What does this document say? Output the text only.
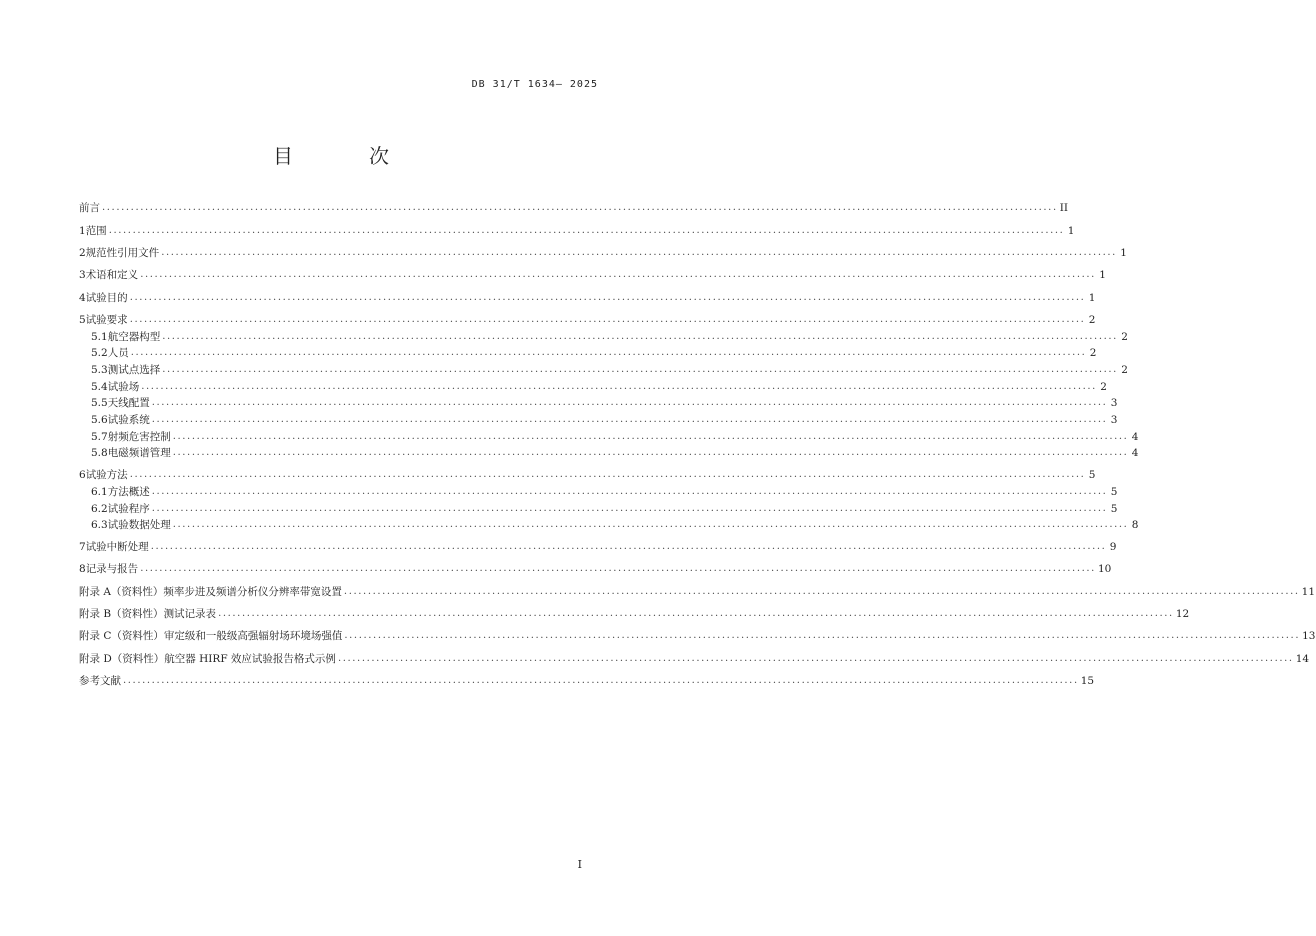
DB 31/T 1634— 2025
目　次
前言 ........................................................................................................................................................................................................ II
1 范围 ........................................................................................................................................................................................................ 1
2 规范性引用文件 ........................................................................................................................................................................................................ 1
3 术语和定义 ........................................................................................................................................................................................................ 1
4 试验目的 ........................................................................................................................................................................................................ 1
5 试验要求 ........................................................................................................................................................................................................ 2
5.1 航空器构型 ........................................................................................................................................................................................................ 2
5.2 人员 ........................................................................................................................................................................................................ 2
5.3 测试点选择 ........................................................................................................................................................................................................ 2
5.4 试验场 ........................................................................................................................................................................................................ 2
5.5 天线配置 ........................................................................................................................................................................................................ 3
5.6 试验系统 ........................................................................................................................................................................................................ 3
5.7 射频危害控制 ........................................................................................................................................................................................................ 4
5.8 电磁频谱管理 ........................................................................................................................................................................................................ 4
6 试验方法 ........................................................................................................................................................................................................ 5
6.1 方法概述 ........................................................................................................................................................................................................ 5
6.2 试验程序 ........................................................................................................................................................................................................ 5
6.3 试验数据处理 ........................................................................................................................................................................................................ 8
7 试验中断处理 ........................................................................................................................................................................................................ 9
8 记录与报告 ........................................................................................................................................................................................................ 10
附录 A（资料性） 频率步进及频谱分析仪分辨率带宽设置 ........................................................................................................................................................................................................ 11
附录 B（资料性） 测试记录表 ........................................................................................................................................................................................................ 12
附录 C（资料性） 审定级和一般级高强辐射场环境场强值 ........................................................................................................................................................................................................ 13
附录 D（资料性） 航空器 HIRF 效应试验报告格式示例 ........................................................................................................................................................................................................ 14
参考文献 ........................................................................................................................................................................................................ 15
I
